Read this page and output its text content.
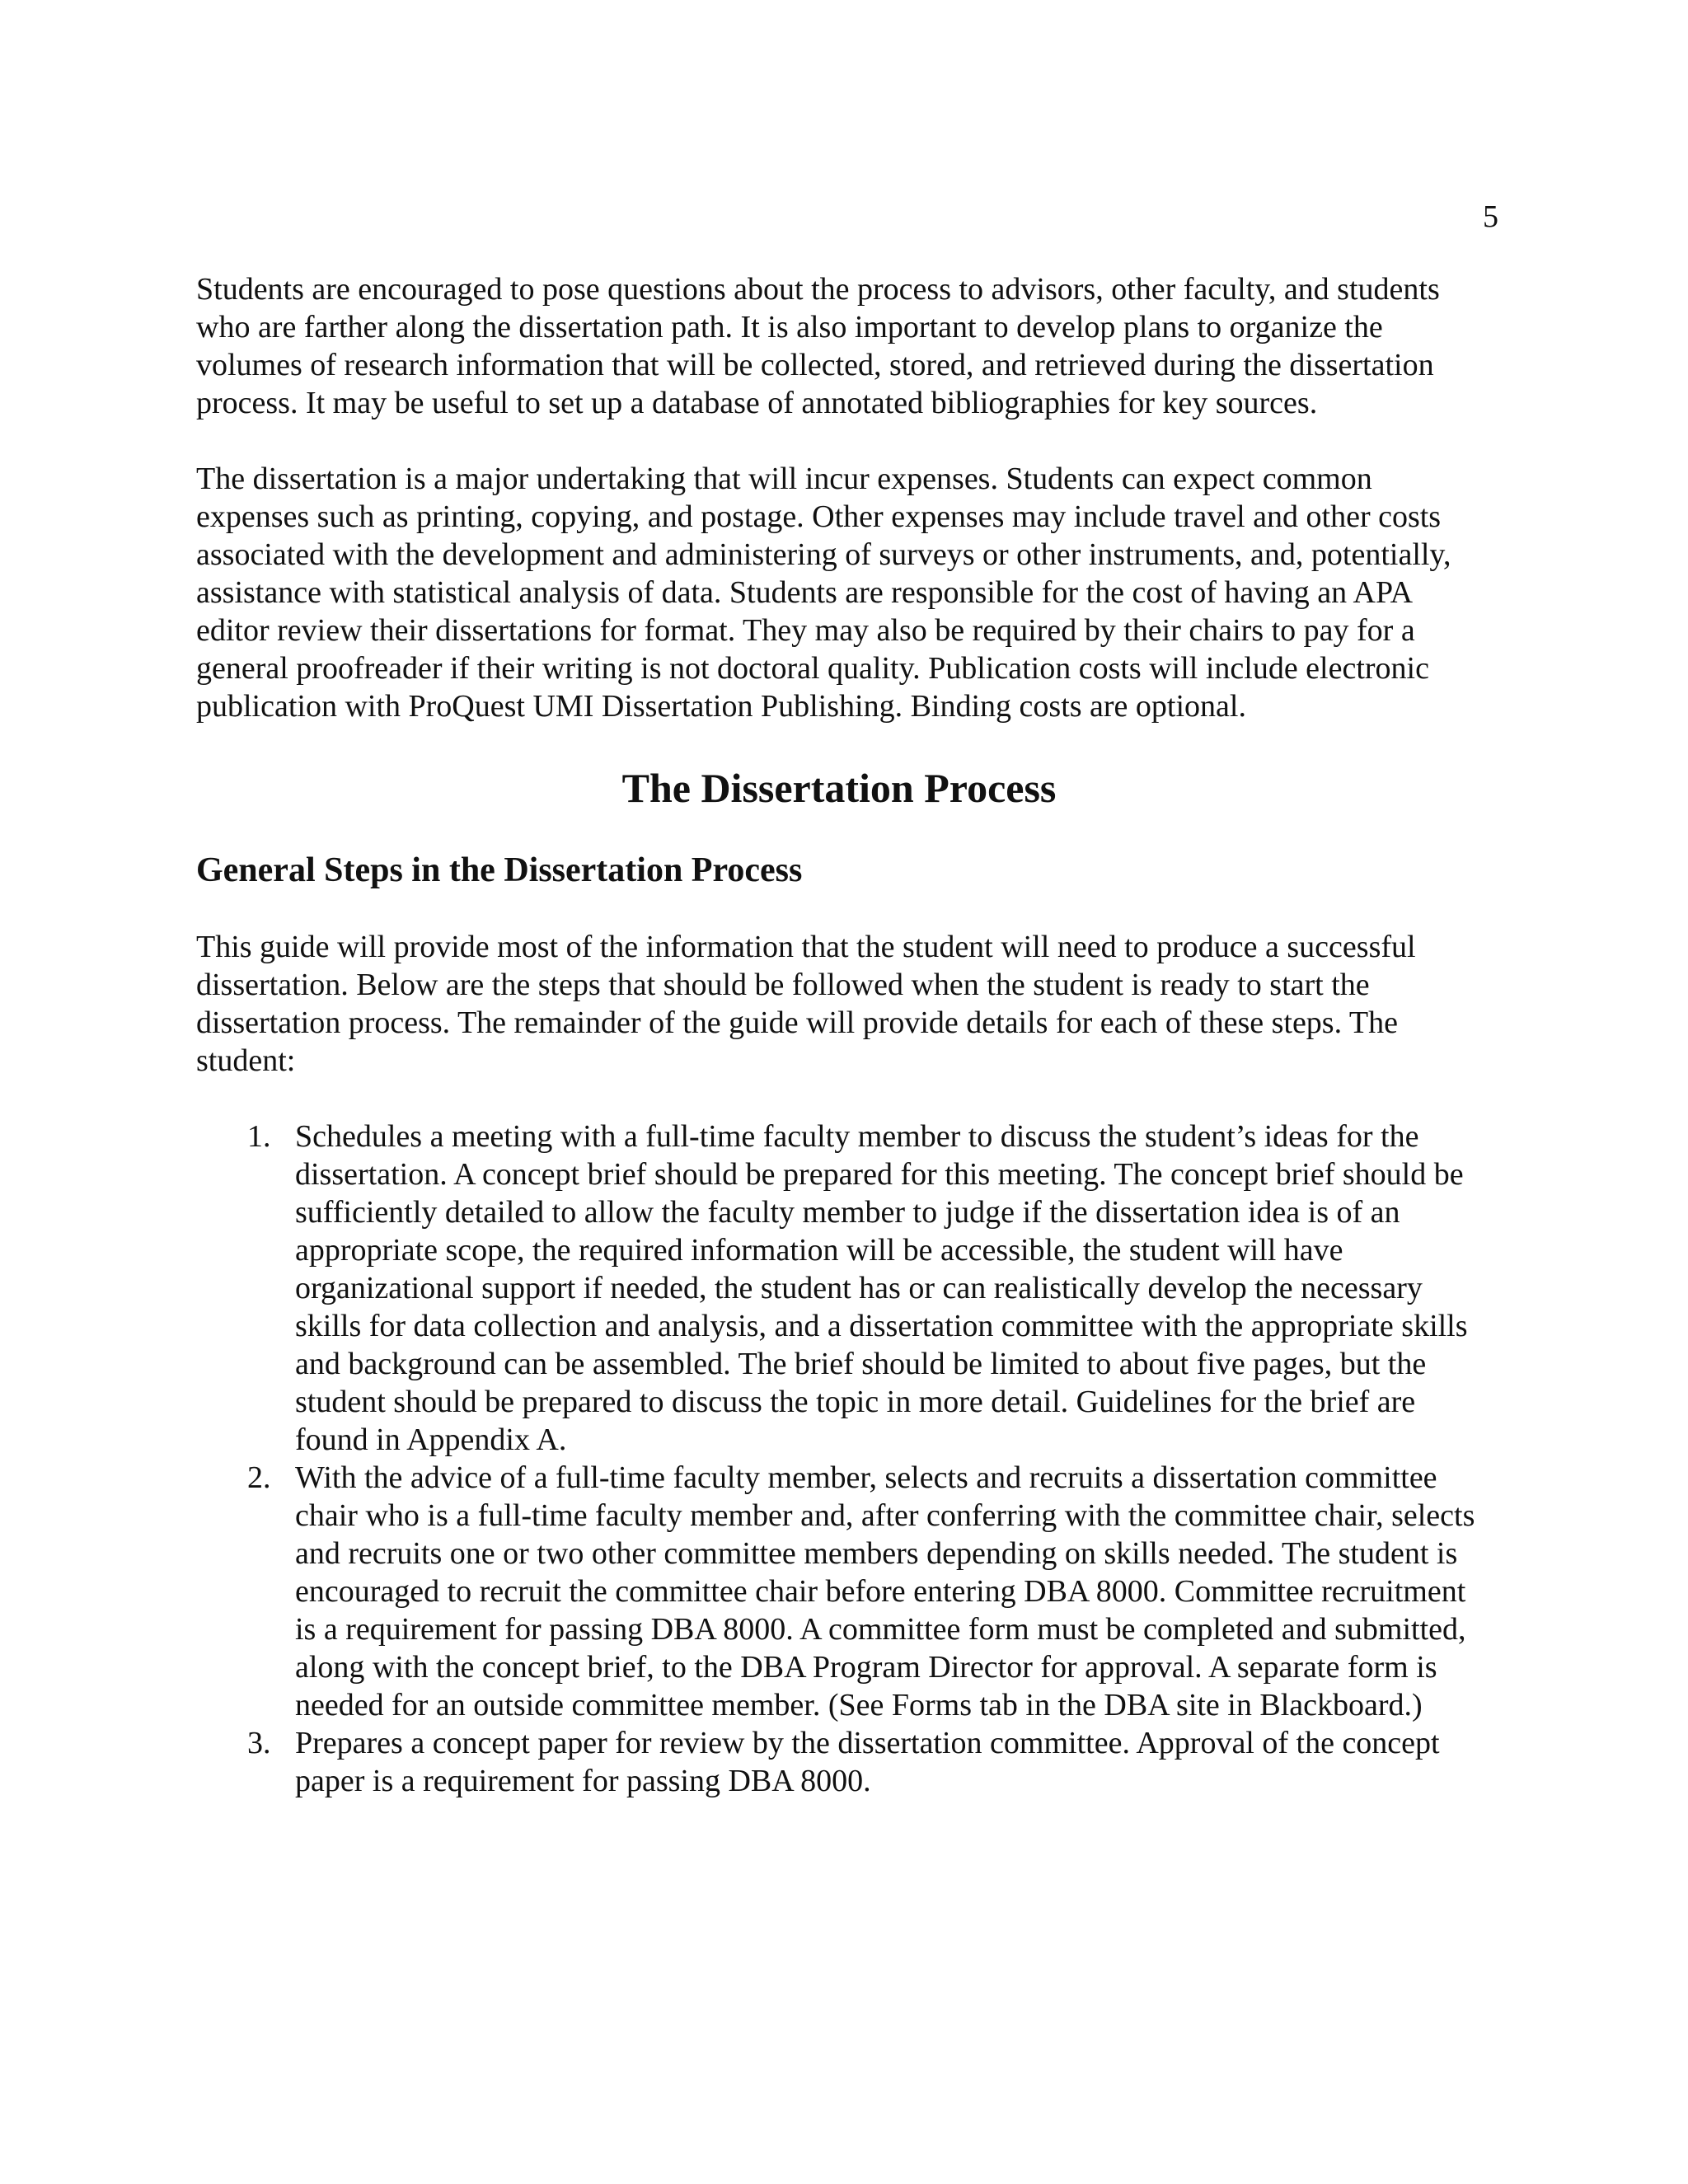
5

Students are encouraged to pose questions about the process to advisors, other faculty, and students who are farther along the dissertation path. It is also important to develop plans to organize the volumes of research information that will be collected, stored, and retrieved during the dissertation process. It may be useful to set up a database of annotated bibliographies for key sources.

The dissertation is a major undertaking that will incur expenses. Students can expect common expenses such as printing, copying, and postage. Other expenses may include travel and other costs associated with the development and administering of surveys or other instruments, and, potentially, assistance with statistical analysis of data. Students are responsible for the cost of having an APA editor review their dissertations for format. They may also be required by their chairs to pay for a general proofreader if their writing is not doctoral quality. Publication costs will include electronic publication with ProQuest UMI Dissertation Publishing. Binding costs are optional.

The Dissertation Process
General Steps in the Dissertation Process

This guide will provide most of the information that the student will need to produce a successful dissertation. Below are the steps that should be followed when the student is ready to start the dissertation process. The remainder of the guide will provide details for each of these steps. The student:

1. Schedules a meeting with a full-time faculty member to discuss the student’s ideas for the dissertation. A concept brief should be prepared for this meeting. The concept brief should be sufficiently detailed to allow the faculty member to judge if the dissertation idea is of an appropriate scope, the required information will be accessible, the student will have organizational support if needed, the student has or can realistically develop the necessary skills for data collection and analysis, and a dissertation committee with the appropriate skills and background can be assembled. The brief should be limited to about five pages, but the student should be prepared to discuss the topic in more detail. Guidelines for the brief are found in Appendix A.
2. With the advice of a full-time faculty member, selects and recruits a dissertation committee chair who is a full-time faculty member and, after conferring with the committee chair, selects and recruits one or two other committee members depending on skills needed. The student is encouraged to recruit the committee chair before entering DBA 8000. Committee recruitment is a requirement for passing DBA 8000. A committee form must be completed and submitted, along with the concept brief, to the DBA Program Director for approval. A separate form is needed for an outside committee member. (See Forms tab in the DBA site in Blackboard.)
3. Prepares a concept paper for review by the dissertation committee. Approval of the concept paper is a requirement for passing DBA 8000.
